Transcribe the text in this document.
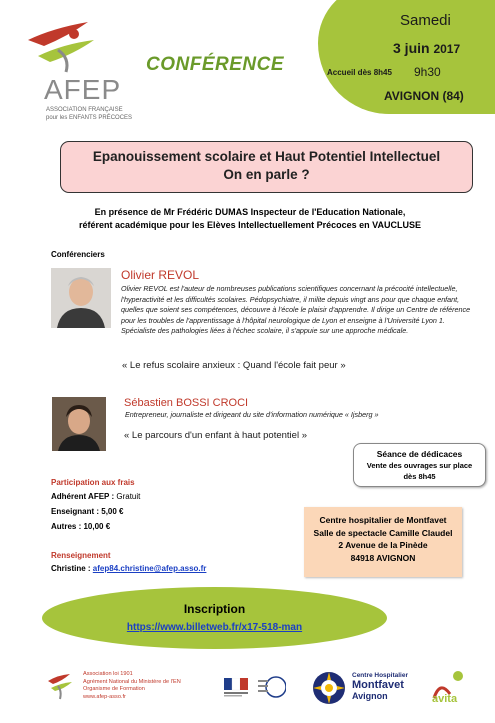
AFEP
ASSOCIATION FRANÇAISE
pour les ENFANTS PRÉCOCES
CONFÉRENCE
Samedi
3 juin 2017
Accueil dès 8h45 9h30
AVIGNON (84)
Epanouissement scolaire et Haut Potentiel Intellectuel
On en parle ?
En présence de Mr Frédéric DUMAS Inspecteur de l'Education Nationale,
référent académique pour les Elèves Intellectuellement Précoces en VAUCLUSE
Conférenciers
Olivier REVOL
Olivier REVOL est l'auteur de nombreuses publications scientifiques concernant la précocité intellectuelle, l'hyperactivité et les difficultés scolaires. Pédopsychiatre, il milite depuis vingt ans pour que chaque enfant, quelles que soient ses compétences, découvre à l'école le plaisir d'apprendre. Il dirige un Centre de référence pour les troubles de l'apprentissage à l'hôpital neurologique de Lyon et enseigne à l'Université Lyon 1. Spécialiste des pathologies liées à l'échec scolaire, il s'appuie sur une approche médicale.
« Le refus scolaire anxieux : Quand l'école fait peur »
Sébastien BOSSI CROCI
Entrepreneur, journaliste et dirigeant du site d'information numérique « Ijsberg »
« Le parcours d'un enfant à haut potentiel »
Séance de dédicaces
Vente des ouvrages sur place
dès 8h45
Participation aux frais
Adhérent AFEP : Gratuit
Enseignant : 5,00 €
Autres : 10,00 €
Centre hospitalier de Montfavet
Salle de spectacle Camille Claudel
2 Avenue de la Pinède
84918 AVIGNON
Renseignement
Christine : afep84.christine@afep.asso.fr
Inscription
https://www.billetweb.fr/x17-518-man
Association loi 1901
Agrément National du Ministère de l'EN
Organisme de Formation
www.afep-asso.fr
Centre Hospitalier
Montfavet
Avignon	avita
